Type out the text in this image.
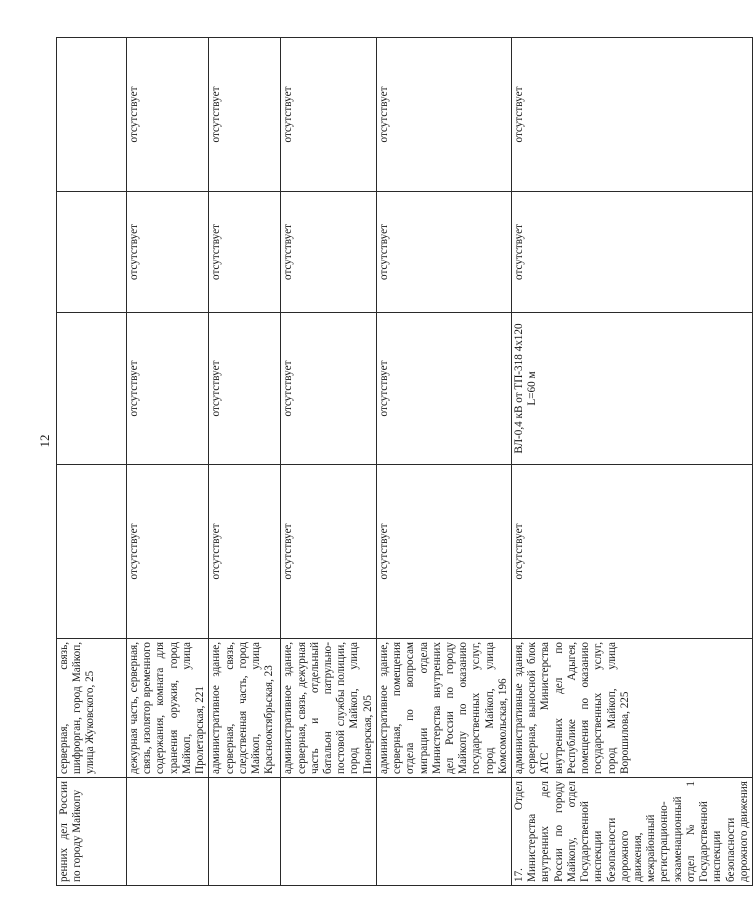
12
ренних дел России по городу Майкопу	серверная, связь, шифрорган, город Майкоп, улица Жуковского, 25				
	дежурная часть, серверная, связь, изолятор временного содержания, комната для хранения оружия, город Майкоп, улица Пролетарская, 221	отсутствует	отсутствует	отсутствует	отсутствует
	административное здание, серверная, связь, следственная часть, город Майкоп, улица Краснооктябрьская, 23	отсутствует	отсутствует	отсутствует	отсутствует
	административное здание, серверная, связь, дежурная часть и отдельный батальон патрульно-постовой службы полиции, город Майкоп, улица Пионерская, 205	отсутствует	отсутствует	отсутствует	отсутствует
	административное здание, серверная, помещения отдела по вопросам миграции отдела Министерства внутренних дел России по городу Майкопу по оказанию государственных услуг, город Майкоп, улица Комсомольская, 196	отсутствует	отсутствует	отсутствует	отсутствует
17. Отдел Министерства внутренних дел России по городу Майкопу, отдел Государственной инспекции безопасности дорожного движения, межрайонный регистрационно-экзаменационный отдел № 1 Государственной инспекции безопасности дорожного движения	административные здания, серверная, выносной блок АТС Министерства внутренних дел по Республике Адыгея, помещения по оказанию государственных услуг, город Майкоп, улица Ворошилова, 225	отсутствует	ВЛ-0,4 кВ от ТП-318 4х120 L=60 м	отсутствует	отсутствует
